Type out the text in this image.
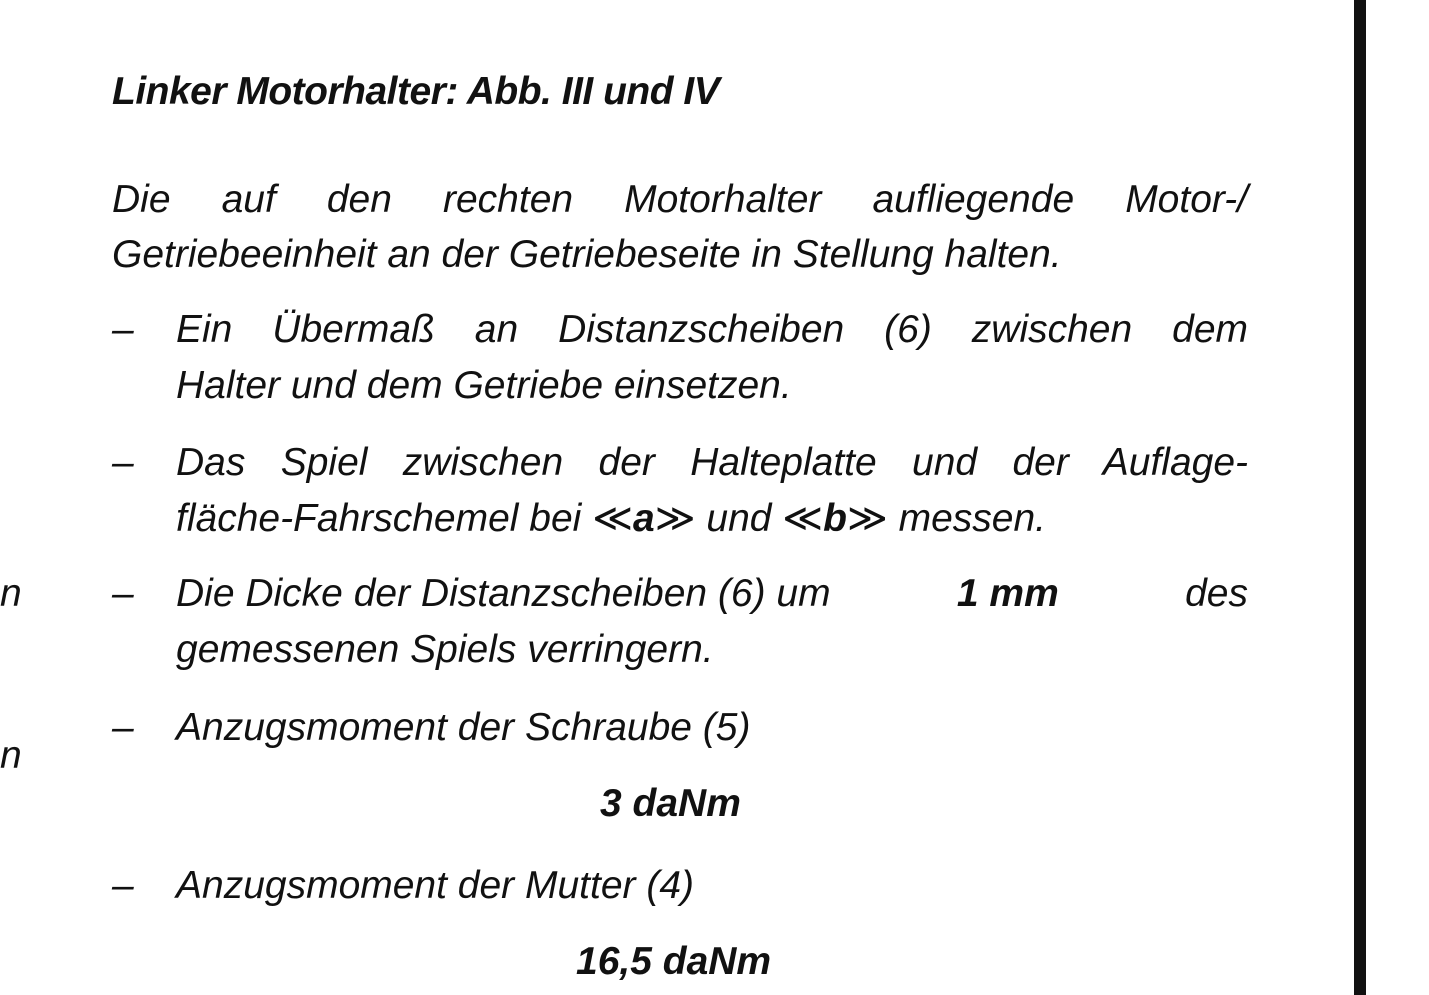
n
n
Linker Motorhalter: Abb. III und IV
Die auf den rechten Motorhalter aufliegende Motor-/
Getriebeeinheit an der Getriebeseite in Stellung halten.
–	Ein Übermaß an Distanzscheiben (6) zwischen dem
Halter und dem Getriebe einsetzen.
–	Das Spiel zwischen der Halteplatte und der Auflage-
fläche-Fahrschemel bei ≪a≫ und ≪b≫ messen.
–	Die Dicke der Distanzscheiben (6) um	1 mm	des
gemessenen Spiels verringern.
–	Anzugsmoment der Schraube (5)
3 daNm
–	Anzugsmoment der Mutter (4)
16,5 daNm
